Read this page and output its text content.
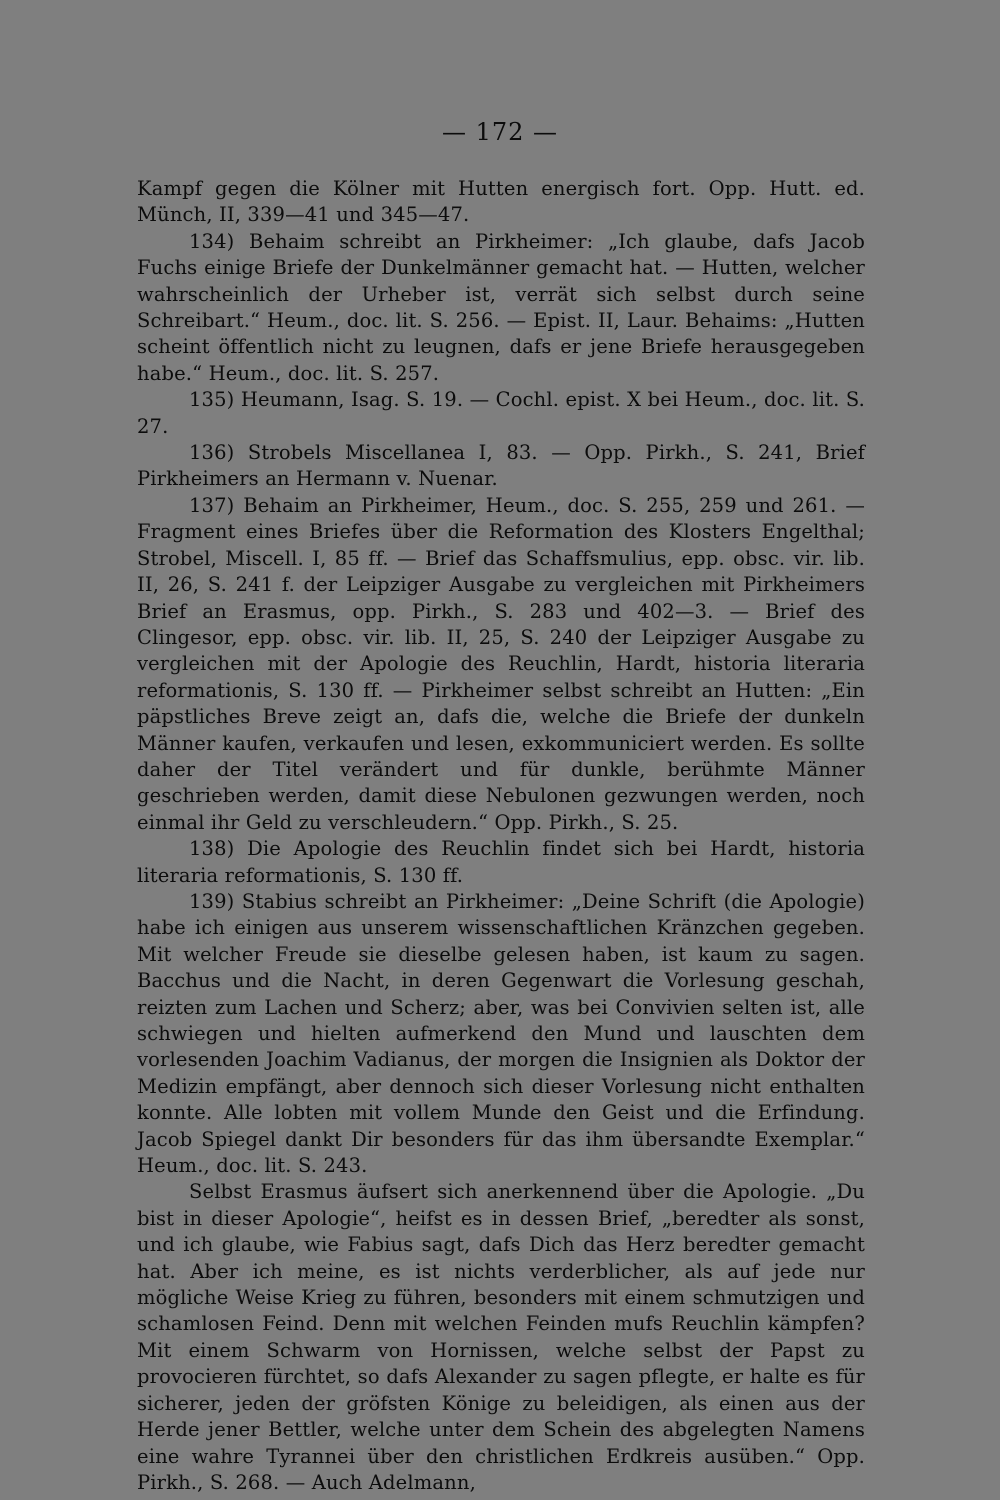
— 172 —

Kampf gegen die Kölner mit Hutten energisch fort. Opp. Hutt. ed. Münch, II, 339—41 und 345—47.

134) Behaim schreibt an Pirkheimer: „Ich glaube, dafs Jacob Fuchs einige Briefe der Dunkelmänner gemacht hat. — Hutten, welcher wahrscheinlich der Urheber ist, verrät sich selbst durch seine Schreibart.“ Heum., doc. lit. S. 256. — Epist. II, Laur. Behaims: „Hutten scheint öffentlich nicht zu leugnen, dafs er jene Briefe herausgegeben habe.“ Heum., doc. lit. S. 257.

135) Heumann, Isag. S. 19. — Cochl. epist. X bei Heum., doc. lit. S. 27.

136) Strobels Miscellanea I, 83. — Opp. Pirkh., S. 241, Brief Pirkheimers an Hermann v. Nuenar.

137) Behaim an Pirkheimer, Heum., doc. S. 255, 259 und 261. — Fragment eines Briefes über die Reformation des Klosters Engelthal; Strobel, Miscell. I, 85 ff. — Brief das Schaffsmulius, epp. obsc. vir. lib. II, 26, S. 241 f. der Leipziger Ausgabe zu vergleichen mit Pirkheimers Brief an Erasmus, opp. Pirkh., S. 283 und 402—3. — Brief des Clingesor, epp. obsc. vir. lib. II, 25, S. 240 der Leipziger Ausgabe zu vergleichen mit der Apologie des Reuchlin, Hardt, historia literaria reformationis, S. 130 ff. — Pirkheimer selbst schreibt an Hutten: „Ein päpstliches Breve zeigt an, dafs die, welche die Briefe der dunkeln Männer kaufen, verkaufen und lesen, exkommuniciert werden. Es sollte daher der Titel verändert und für dunkle, berühmte Männer geschrieben werden, damit diese Nebulonen gezwungen werden, noch einmal ihr Geld zu verschleudern.“ Opp. Pirkh., S. 25.

138) Die Apologie des Reuchlin findet sich bei Hardt, historia literaria reformationis, S. 130 ff.

139) Stabius schreibt an Pirkheimer: „Deine Schrift (die Apologie) habe ich einigen aus unserem wissenschaftlichen Kränzchen gegeben. Mit welcher Freude sie dieselbe gelesen haben, ist kaum zu sagen. Bacchus und die Nacht, in deren Gegenwart die Vorlesung geschah, reizten zum Lachen und Scherz; aber, was bei Convivien selten ist, alle schwiegen und hielten aufmerkend den Mund und lauschten dem vorlesenden Joachim Vadianus, der morgen die Insignien als Doktor der Medizin empfängt, aber dennoch sich dieser Vorlesung nicht enthalten konnte. Alle lobten mit vollem Munde den Geist und die Erfindung. Jacob Spiegel dankt Dir besonders für das ihm übersandte Exemplar.“ Heum., doc. lit. S. 243.

Selbst Erasmus äufsert sich anerkennend über die Apologie. „Du bist in dieser Apologie“, heifst es in dessen Brief, „beredter als sonst, und ich glaube, wie Fabius sagt, dafs Dich das Herz beredter gemacht hat. Aber ich meine, es ist nichts verderblicher, als auf jede nur mögliche Weise Krieg zu führen, besonders mit einem schmutzigen und schamlosen Feind. Denn mit welchen Feinden mufs Reuchlin kämpfen? Mit einem Schwarm von Hornissen, welche selbst der Papst zu provocieren fürchtet, so dafs Alexander zu sagen pflegte, er halte es für sicherer, jeden der gröfsten Könige zu beleidigen, als einen aus der Herde jener Bettler, welche unter dem Schein des abgelegten Namens eine wahre Tyrannei über den christlichen Erdkreis ausüben.“ Opp. Pirkh., S. 268. — Auch Adelmann,
